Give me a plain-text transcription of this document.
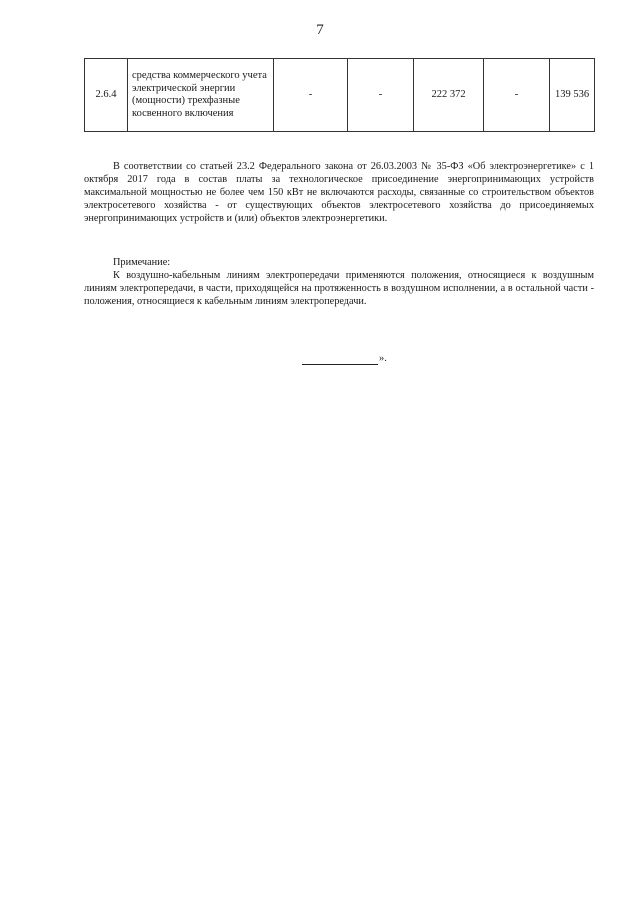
7
2.6.4	средства коммерческого учета электрической энергии (мощности) трехфазные косвенного включения	-	-	222 372	-	139 536

В соответствии со статьей 23.2 Федерального закона от 26.03.2003 № 35-ФЗ «Об электроэнергетике» с 1 октября 2017 года в состав платы за технологическое присоединение энергопринимающих устройств максимальной мощностью не более чем 150 кВт не включаются расходы, связанные со строительством объектов электросетевого хозяйства - от существующих объектов электросетевого хозяйства до присоединяемых энергопринимающих устройств и (или) объектов электроэнергетики.

Примечание:

К воздушно-кабельным линиям электропередачи применяются положения, относящиеся к воздушным линиям электропередачи, в части, приходящейся на протяженность в воздушном исполнении, а в остальной части - положения, относящиеся к кабельным линиям электропередачи.

».
